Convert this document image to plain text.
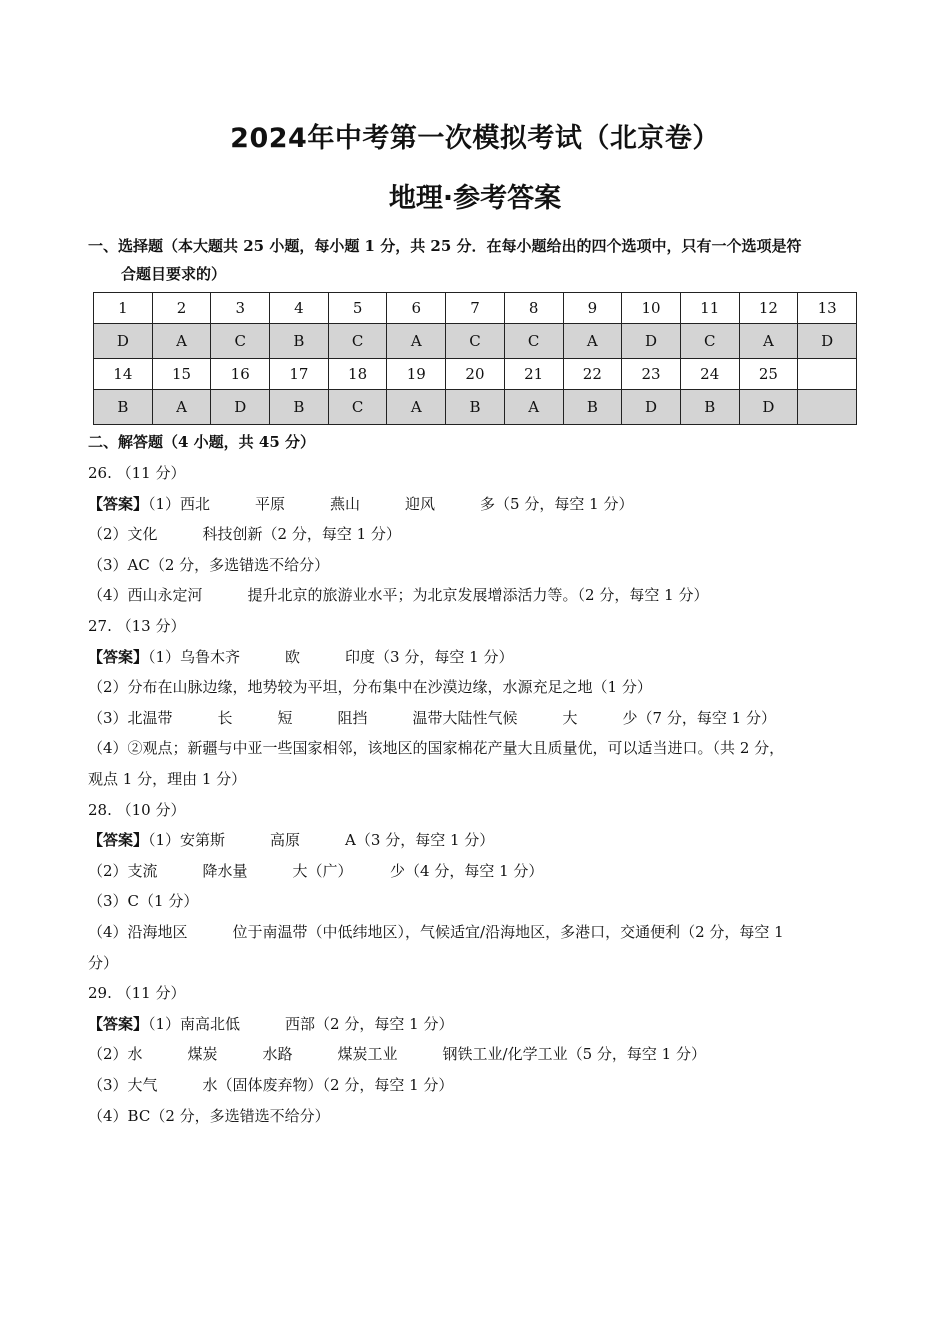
2024年中考第一次模拟考试（北京卷）
地理·参考答案
一、选择题（本大题共 25 小题，每小题 1 分，共 25 分．在每小题给出的四个选项中，只有一个选项是符
合题目要求的）
1	2	3	4	5	6	7	8	9	10	11	12	13
D	A	C	B	C	A	C	C	A	D	C	A	D
14	15	16	17	18	19	20	21	22	23	24	25	
B	A	D	B	C	A	B	A	B	D	B	D	
二、解答题（4 小题，共 45 分）
26. （11 分）
【答案】（1）西北　　　平原　　　燕山　　　迎风　　　多（5 分，每空 1 分）
（2）文化　　　科技创新（2 分，每空 1 分）
（3）AC（2 分，多选错选不给分）
（4）西山永定河　　　提升北京的旅游业水平；为北京发展增添活力等。（2 分，每空 1 分）
27. （13 分）
【答案】（1）乌鲁木齐　　　欧　　　印度（3 分，每空 1 分）
（2）分布在山脉边缘，地势较为平坦，分布集中在沙漠边缘，水源充足之地（1 分）
（3）北温带　　　长　　　短　　　阻挡　　　温带大陆性气候　　　大　　　少（7 分，每空 1 分）
（4）②观点；新疆与中亚一些国家相邻，该地区的国家棉花产量大且质量优，可以适当进口。（共 2 分，
观点 1 分，理由 1 分）
28. （10 分）
【答案】（1）安第斯　　　高原　　　A（3 分，每空 1 分）
（2）支流　　　降水量　　　大（广）　　　少（4 分，每空 1 分）
（3）C（1 分）
（4）沿海地区　　　位于南温带（中低纬地区），气候适宜/沿海地区，多港口，交通便利（2 分，每空 1
分）
29. （11 分）
【答案】（1）南高北低　　　西部（2 分，每空 1 分）
（2）水　　　煤炭　　　水路　　　煤炭工业　　　钢铁工业/化学工业（5 分，每空 1 分）
（3）大气　　　水（固体废弃物）（2 分，每空 1 分）
（4）BC（2 分，多选错选不给分）
